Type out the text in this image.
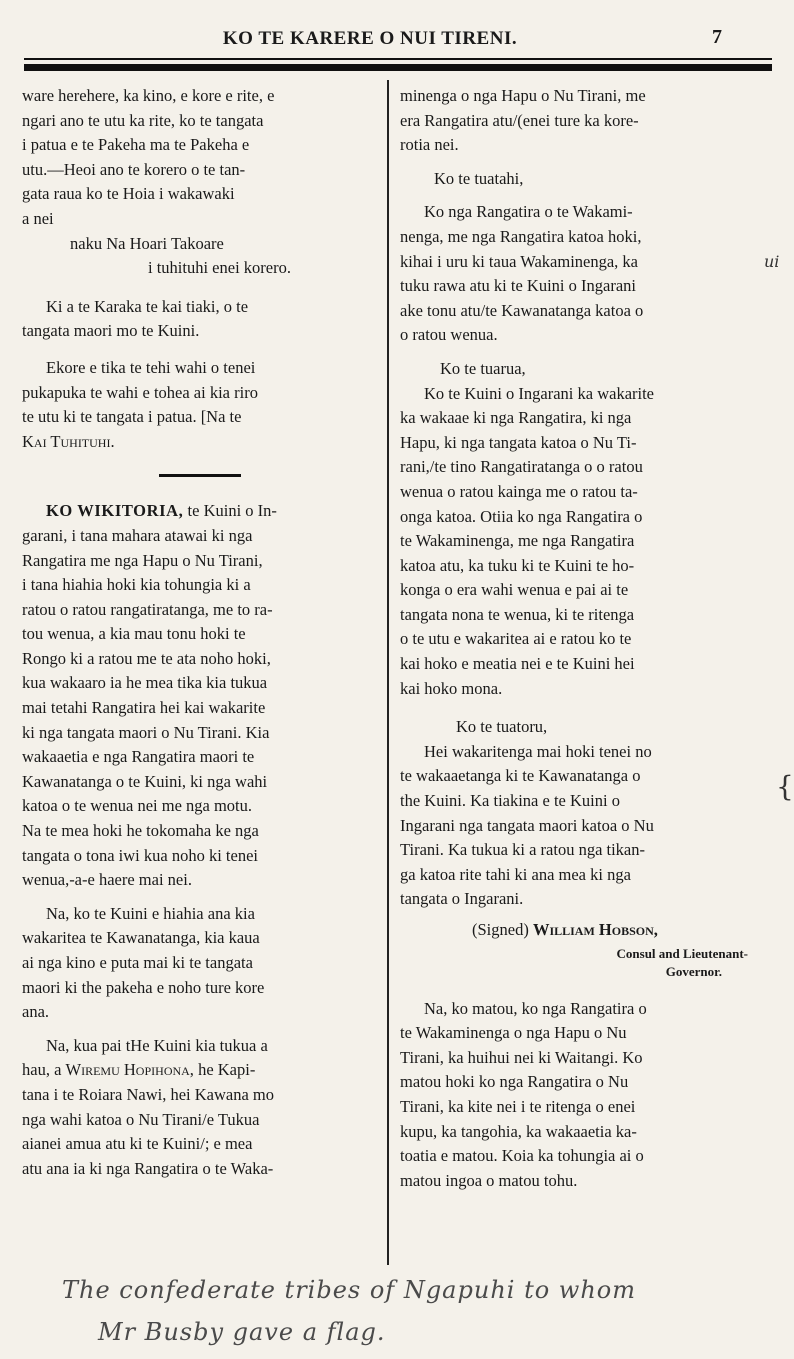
KO TE KARERE O NUI TIRENI.	7
ware herehere, ka kino, e kore e rite, e
ngari ano te utu ka rite, ko te tangata
i patua e te Pakeha ma te Pakeha e
utu.—Heoi ano te korero o te tan-
gata raua ko te Hoia i wakawaki
a nei
naku Na Hoari Takoare
i tuhituhi enei korero.
Ki a te Karaka te kai tiaki, o te
tangata maori mo te Kuini.
Ekore e tika te tehi wahi o tenei
pukapuka te wahi e tohea ai kia riro
te utu ki te tangata i patua. [Na te
Kai Tuhituhi.
KO WIKITORIA, te Kuini o In-
garani, i tana mahara atawai ki nga
Rangatira me nga Hapu o Nu Tirani,
i tana hiahia hoki kia tohungia ki a
ratou o ratou rangatiratanga, me to ra-
tou wenua, a kia mau tonu hoki te
Rongo ki a ratou me te ata noho hoki,
kua wakaaro ia he mea tika kia tukua
mai tetahi Rangatira hei kai wakarite
ki nga tangata maori o Nu Tirani. Kia
wakaaetia e nga Rangatira maori te
Kawanatanga o te Kuini, ki nga wahi
katoa o te wenua nei me nga motu.
Na te mea hoki he tokomaha ke nga
tangata o tona iwi kua noho ki tenei
wenua,-a-e haere mai nei.
Na, ko te Kuini e hiahia ana kia
wakaritea te Kawanatanga, kia kaua
ai nga kino e puta mai ki te tangata
maori ki the pakeha e noho ture kore
ana.
Na, kua pai tHe Kuini kia tukua a
hau, a Wiremu Hopihona, he Kapi-
tana i te Roiara Nawi, hei Kawana mo
nga wahi katoa o Nu Tirani/e Tukua
aianei amua atu ki te Kuini/; e mea
atu ana ia ki nga Rangatira o te Waka-
minenga o nga Hapu o Nu Tirani, me
era Rangatira atu/(enei ture ka kore-
rotia nei.
Ko te tuatahi,
Ko nga Rangatira o te Wakami-
nenga, me nga Rangatira katoa hoki,
kihai i uru ki taua Wakaminenga, ka
tuku rawa atu ki te Kuini o Ingarani
ake tonu atu/te Kawanatanga katoa o
o ratou wenua.
Ko te tuarua,
Ko te Kuini o Ingarani ka wakarite
ka wakaae ki nga Rangatira, ki nga
Hapu, ki nga tangata katoa o Nu Ti-
rani,/te tino Rangatiratanga o o ratou
wenua o ratou kainga me o ratou ta-
onga katoa. Otiia ko nga Rangatira o
te Wakaminenga, me nga Rangatira
katoa atu, ka tuku ki te Kuini te ho-
konga o era wahi wenua e pai ai te
tangata nona te wenua, ki te ritenga
o te utu e wakaritea ai e ratou ko te
kai hoko e meatia nei e te Kuini hei
kai hoko mona.
Ko te tuatoru,
Hei wakaritenga mai hoki tenei no
te wakaaetanga ki te Kawanatanga o
the Kuini. Ka tiakina e te Kuini o
Ingarani nga tangata maori katoa o Nu
Tirani. Ka tukua ki a ratou nga tikan-
ga katoa rite tahi ki ana mea ki nga
tangata o Ingarani.
(Signed) William Hobson,
Consul and Lieutenant-
Governor.
Na, ko matou, ko nga Rangatira o
te Wakaminenga o nga Hapu o Nu
Tirani, ka huihui nei ki Waitangi. Ko
matou hoki ko nga Rangatira o Nu
Tirani, ka kite nei i te ritenga o enei
kupu, ka tangohia, ka wakaaetia ka-
toatia e matou. Koia ka tohungia ai o
matou ingoa o matou tohu.
ui
{
The confederate tribes of Ngapuhi to whom
Mr Busby gave a flag.
